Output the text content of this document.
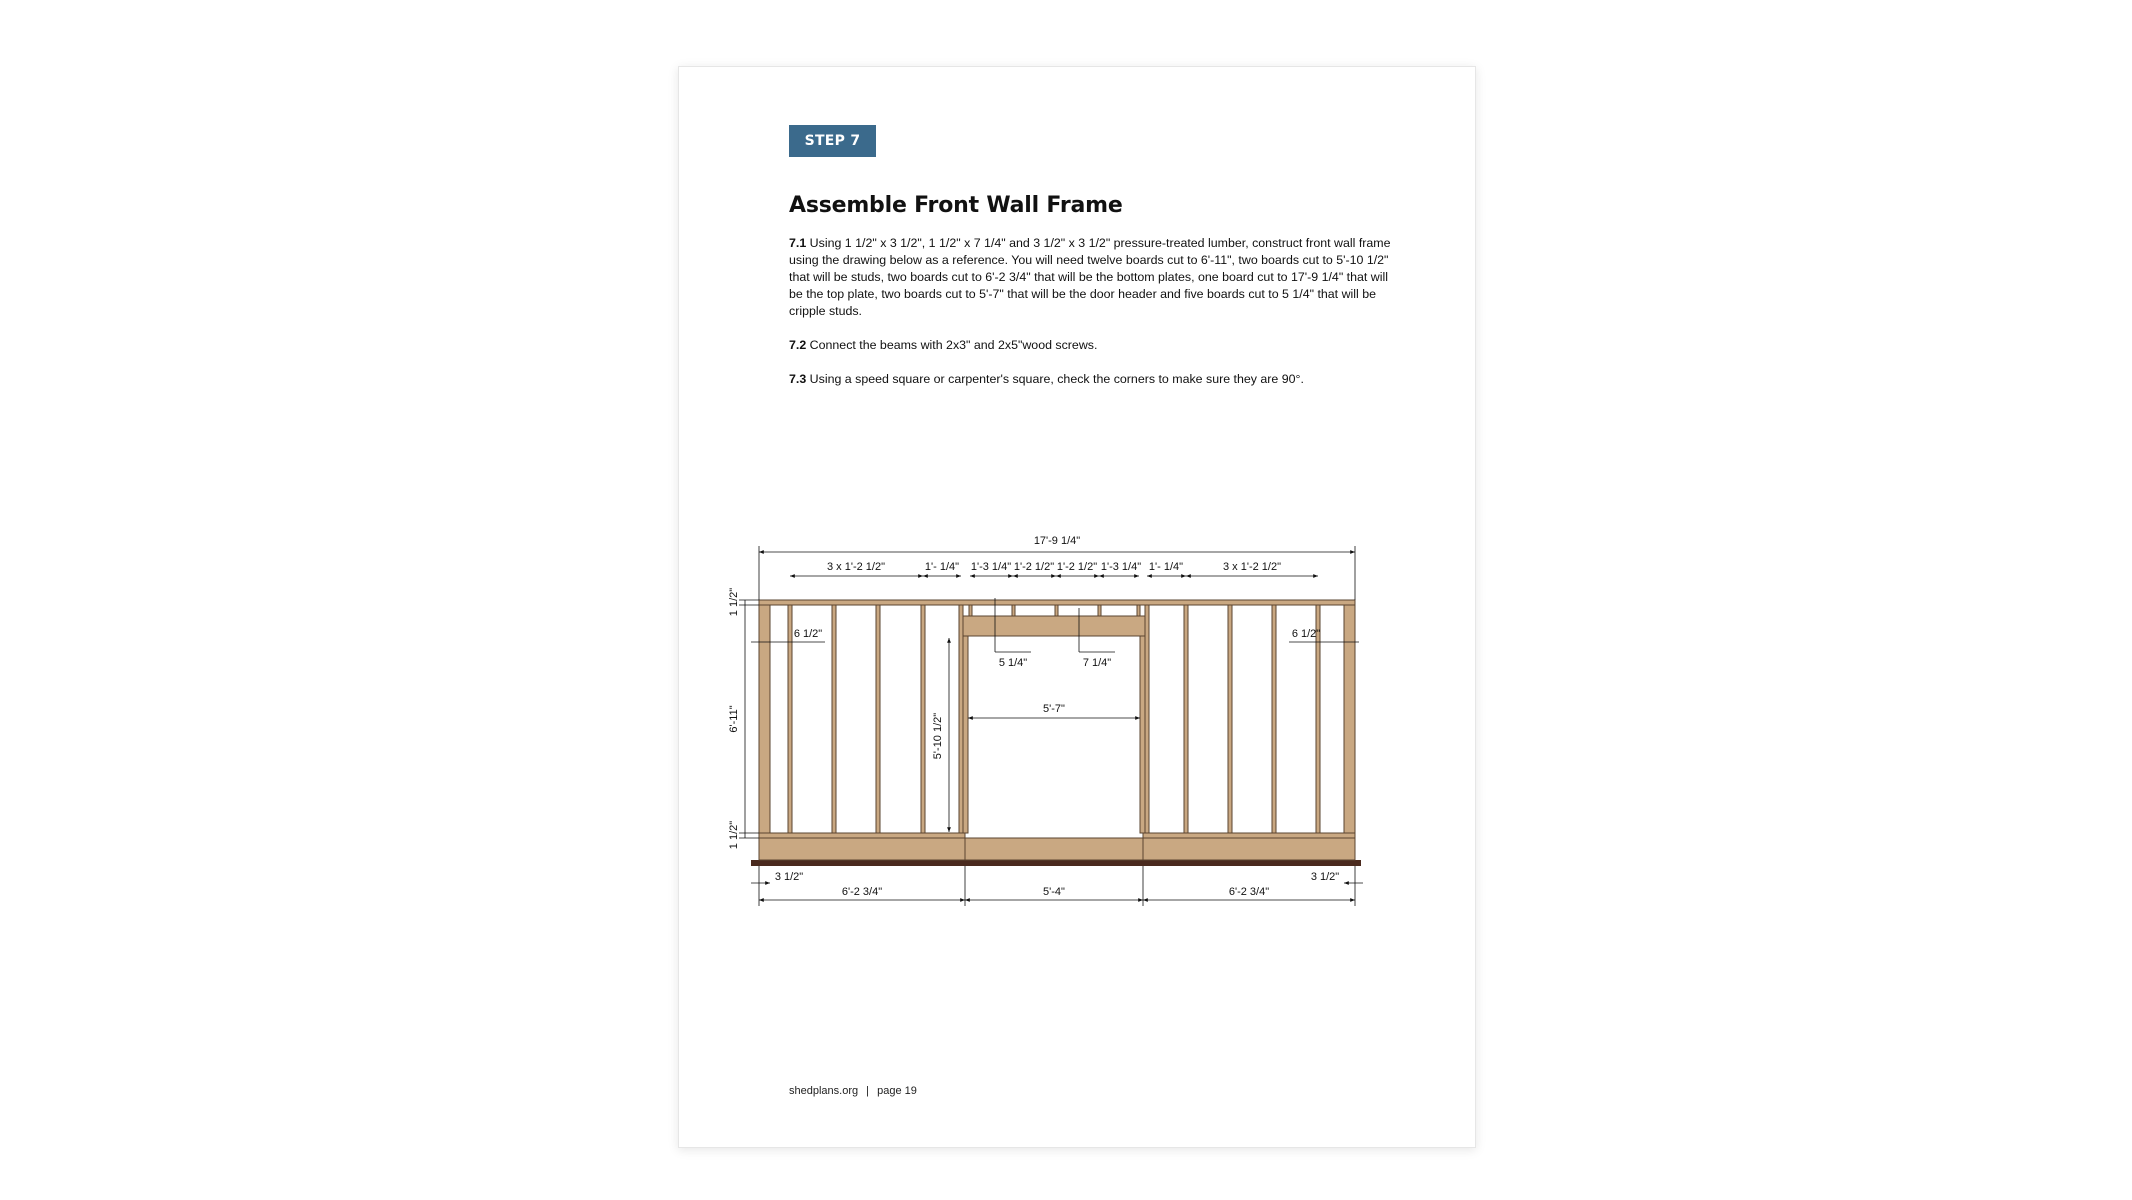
STEP 7
Assemble Front Wall Frame

7.1 Using 1 1/2" x 3 1/2", 1 1/2" x 7 1/4" and 3 1/2" x 3 1/2" pressure-treated lumber, construct front wall frame using the drawing below as a reference. You will need twelve boards cut to 6'-11", two boards cut to 5'-10 1/2" that will be studs, two boards cut to 6'-2 3/4" that will be the bottom plates, one board cut to 17'-9 1/4" that will be the top plate, two boards cut to 5'-7" that will be the door header and five boards cut to 5 1/4" that will be cripple studs.

7.2 Connect the beams with 2x3" and 2x5"wood screws.

7.3 Using a speed square or carpenter's square, check the corners to make sure they are 90°.

17'-9 1/4"
3 x 1'-2 1/2"	1'- 1/4" 1'-3 1/4" 1'-2 1/2" 1'-2 1/2" 1'-3 1/4" 1'- 1/4"	3 x 1'-2 1/2"
6 1/2"	6 1/2"
5 1/4"	7 1/4"
5'-7"
1 1/2"
6'-11"
1 1/2"
5'-10 1/2"
3 1/2"	3 1/2"
6'-2 3/4"	5'-4"	6'-2 3/4"
shedplans.org | page 19
